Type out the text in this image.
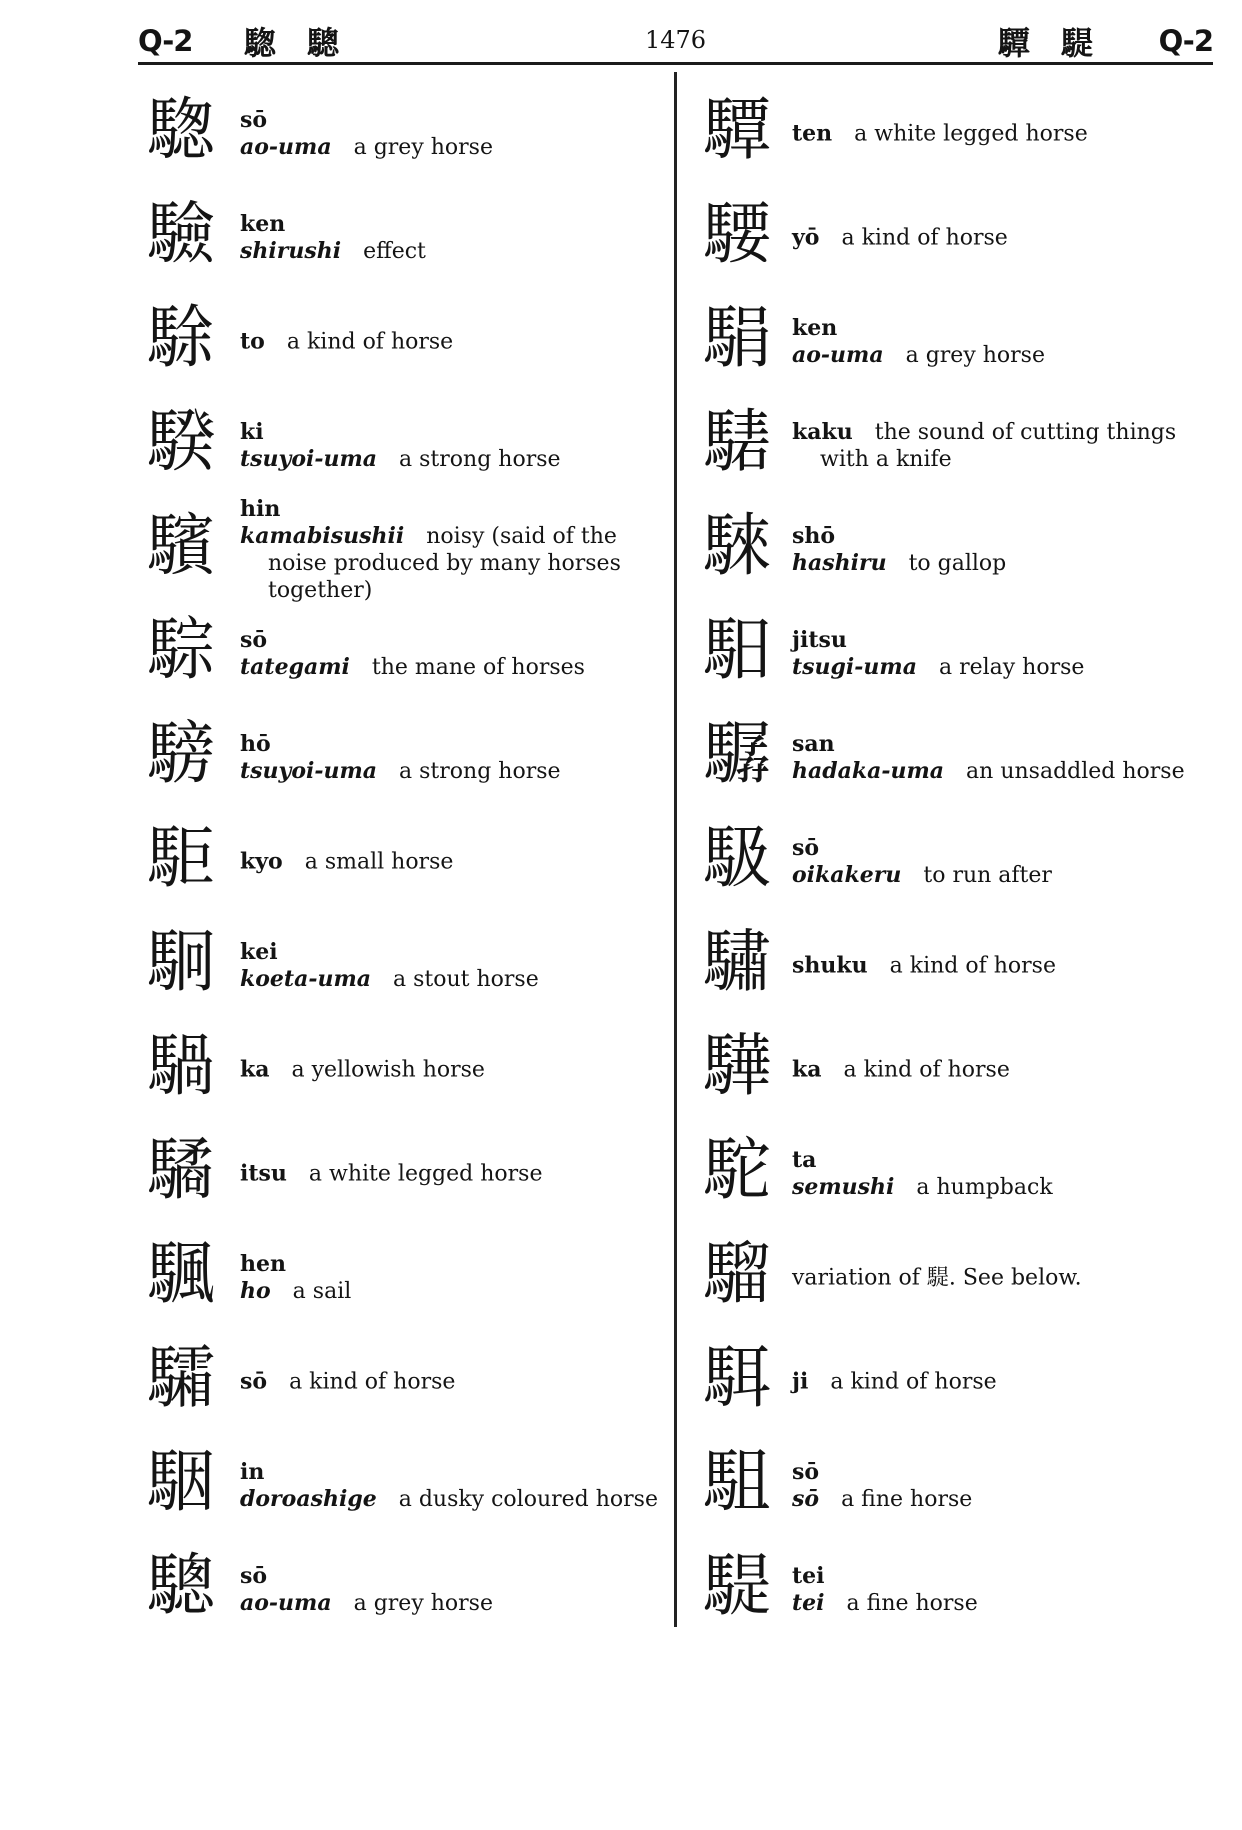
Q-2 騘 驄	1476	驔 騠 Q-2
騘	sō
ao-uma a grey horse
驗	ken
shirushi effect
駼	to a kind of horse
騤	ki
tsuyoi-uma a strong horse
驞	hin
kamabisushii noisy (said of the noise produced by many horses together)
騌	sō
tategami the mane of horses
騯	hō
tsuyoi-uma a strong horse
駏	kyo a small horse
駉	kei
koeta-uma a stout horse
騧	ka a yellowish horse
驈	itsu a white legged horse
颿	hen
ho a sail
驦	sō a kind of horse
駰	in
doroashige a dusky coloured horse
驄	sō
ao-uma a grey horse
驔 ten a white legged horse
騕 yō a kind of horse
駽 ken
ao-uma a grey horse
騞 kaku the sound of cutting things with a knife
騋 shō
hashiru to gallop
馹 jitsu
tsugi-uma a relay horse
驏 san
hadaka-uma an unsaddled horse
馺 sō
oikakeru to run after
驌 shuku a kind of horse
驊 ka a kind of horse
駝 ta
semushi a humpback
騮 variation of 騠. See below.
駬 ji a kind of horse
駔 sō
sō a fine horse
騠 tei
tei a fine horse
